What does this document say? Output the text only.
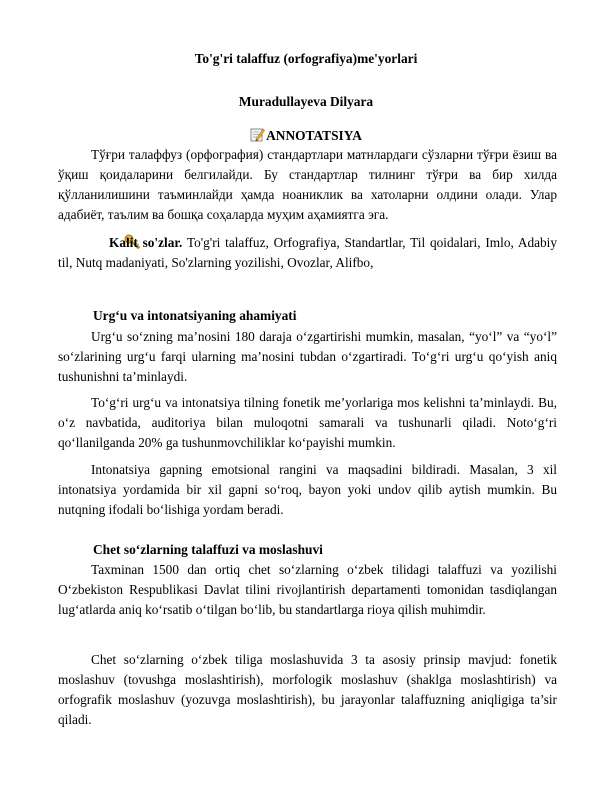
To'g'ri talaffuz (orfografiya)me'yorlari
Muradullayeva Dilyara
ANNOTATSIYA
Тўғри талаффуз (орфография) стандартлари матнлардаги сўзларни тўғри ёзиш ва ўқиш қоидаларини белгилайди. Бу стандартлар тилнинг тўғри ва бир хилда қўлланилишини таъминлайди ҳамда ноаниклик ва хатоларни олдини олади. Улар адабиёт, таълим ва бошқа соҳаларда муҳим аҳамиятга эга.
Kalit so'zlar. To'g'ri talaffuz, Orfografiya, Standartlar, Til qoidalari, Imlo, Adabiy til, Nutq madaniyati, So'zlarning yozilishi, Ovozlar, Alifbo,
Urg‘u va intonatsiyaning ahamiyati
Urg‘u so‘zning ma’nosini 180 daraja o‘zgartirishi mumkin, masalan, “yo‘l” va “yo‘l” so‘zlarining urg‘u farqi ularning ma’nosini tubdan o‘zgartiradi. To‘g‘ri urg‘u qo‘yish aniq tushunishni ta’minlaydi.
To‘g‘ri urg‘u va intonatsiya tilning fonetik me’yorlariga mos kelishni ta’minlaydi. Bu, o‘z navbatida, auditoriya bilan muloqotni samarali va tushunarli qiladi. Noto‘g‘ri qo‘llanilganda 20% ga tushunmovchiliklar ko‘payishi mumkin.
Intonatsiya gapning emotsional rangini va maqsadini bildiradi. Masalan, 3 xil intonatsiya yordamida bir xil gapni so‘roq, bayon yoki undov qilib aytish mumkin. Bu nutqning ifodali bo‘lishiga yordam beradi.
Chet so‘zlarning talaffuzi va moslashuvi
Taxminan 1500 dan ortiq chet so‘zlarning o‘zbek tilidagi talaffuzi va yozilishi O‘zbekiston Respublikasi Davlat tilini rivojlantirish departamenti tomonidan tasdiqlangan lug‘atlarda aniq ko‘rsatib o‘tilgan bo‘lib, bu standartlarga rioya qilish muhimdir.
Chet so‘zlarning o‘zbek tiliga moslashuvida 3 ta asosiy prinsip mavjud: fonetik moslashuv (tovushga moslashtirish), morfologik moslashuv (shaklga moslashtirish) va orfografik moslashuv (yozuvga moslashtirish), bu jarayonlar talaffuzning aniqligiga ta’sir qiladi.
